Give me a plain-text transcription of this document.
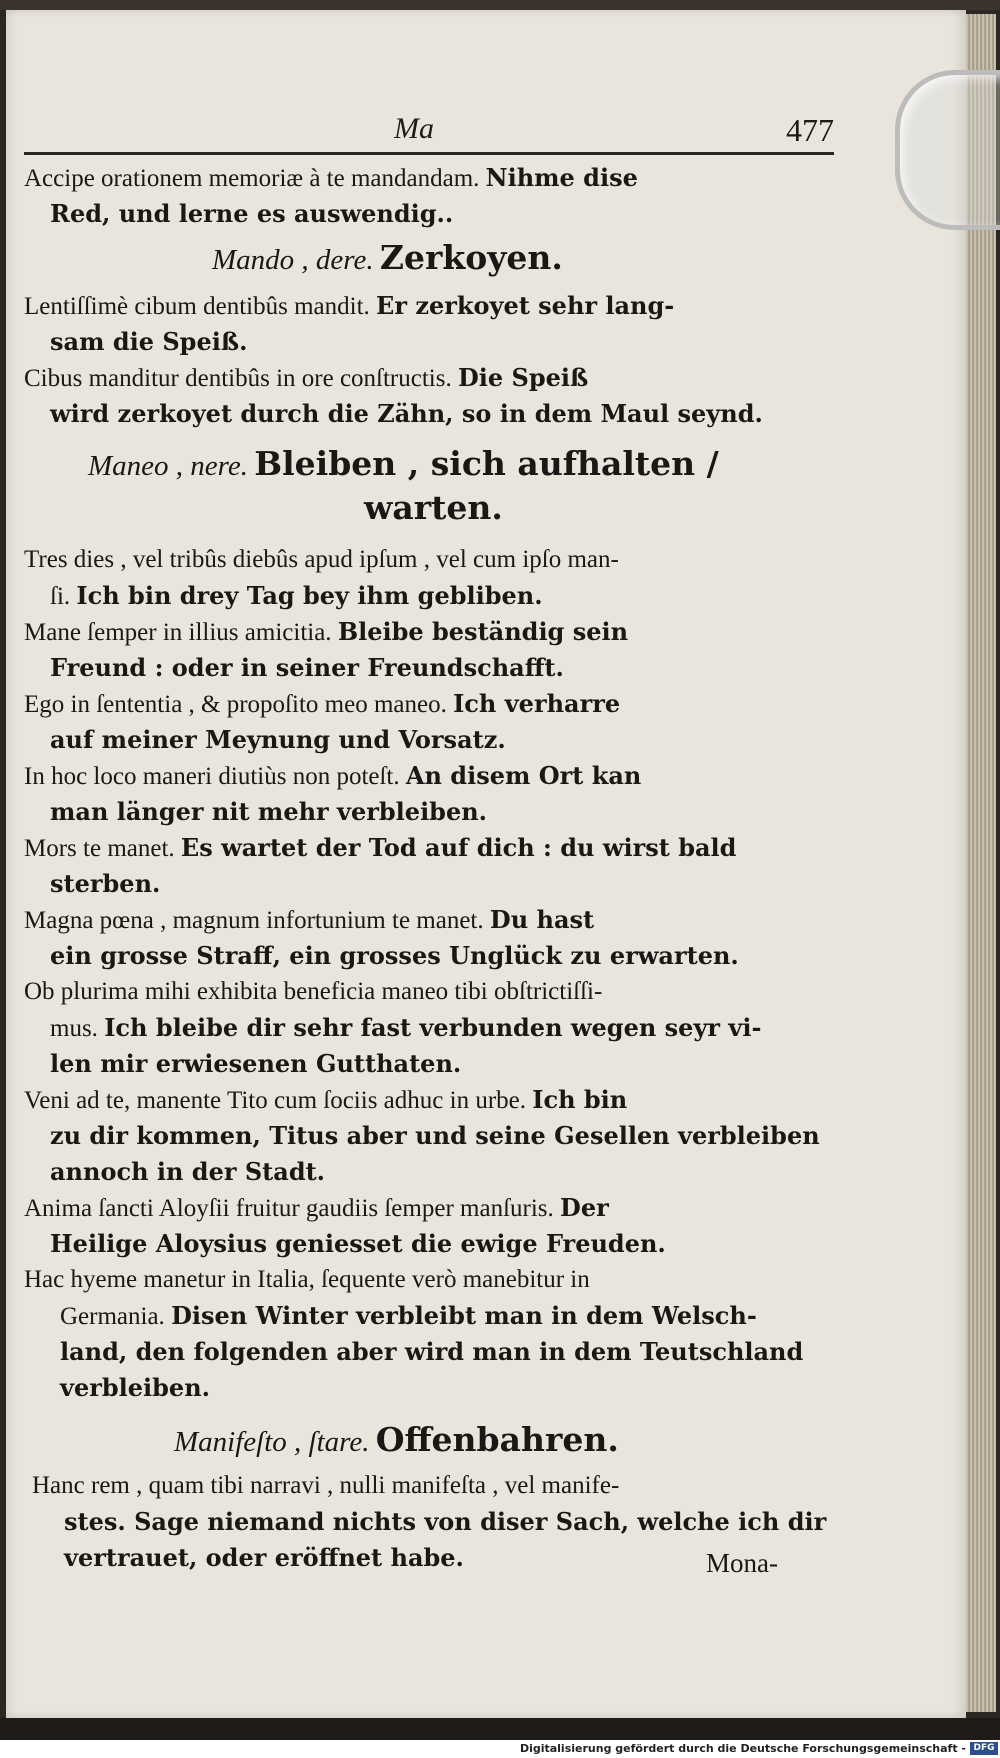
Ma	477
Accipe orationem memoriæ à te mandandam. Nihme dise
Red, und lerne es auswendig..
Mando , dere. Zerkoyen.
Lentiſſimè cibum dentibûs mandit. Er zerkoyet sehr lang-
sam die Speiß.
Cibus manditur dentibûs in ore conſtructis. Die Speiß
wird zerkoyet durch die Zähn, so in dem Maul seynd.
Maneo , nere. Bleiben , sich aufhalten /
warten.
Tres dies , vel tribûs diebûs apud ipſum , vel cum ipſo man-
ſi. Ich bin drey Tag bey ihm gebliben.
Mane ſemper in illius amicitia. Bleibe beständig sein
Freund : oder in seiner Freundschafft.
Ego in ſententia , & propoſito meo maneo. Ich verharre
auf meiner Meynung und Vorsatz.
In hoc loco maneri diutiùs non poteſt. An disem Ort kan
man länger nit mehr verbleiben.
Mors te manet. Es wartet der Tod auf dich : du wirst bald
sterben.
Magna pœna , magnum infortunium te manet. Du hast
ein grosse Straff, ein grosses Unglück zu erwarten.
Ob plurima mihi exhibita beneficia maneo tibi obſtrictiſſi-
mus. Ich bleibe dir sehr fast verbunden wegen seyr vi-
len mir erwiesenen Gutthaten.
Veni ad te, manente Tito cum ſociis adhuc in urbe. Ich bin
zu dir kommen, Titus aber und seine Gesellen verbleiben
annoch in der Stadt.
Anima ſancti Aloyſii fruitur gaudiis ſemper manſuris. Der
Heilige Aloysius geniesset die ewige Freuden.
Hac hyeme manetur in Italia, ſequente verò manebitur in
Germania. Disen Winter verbleibt man in dem Welsch-
land, den folgenden aber wird man in dem Teutschland
verbleiben.
Manifeſto , ſtare. Offenbahren.
Hanc rem , quam tibi narravi , nulli manifeſta , vel manife-
stes. Sage niemand nichts von diser Sach, welche ich dir
vertrauet, oder eröffnet habe.	Mona-
Digitalisierung gefördert durch die Deutsche Forschungsgemeinschaft - DFG
